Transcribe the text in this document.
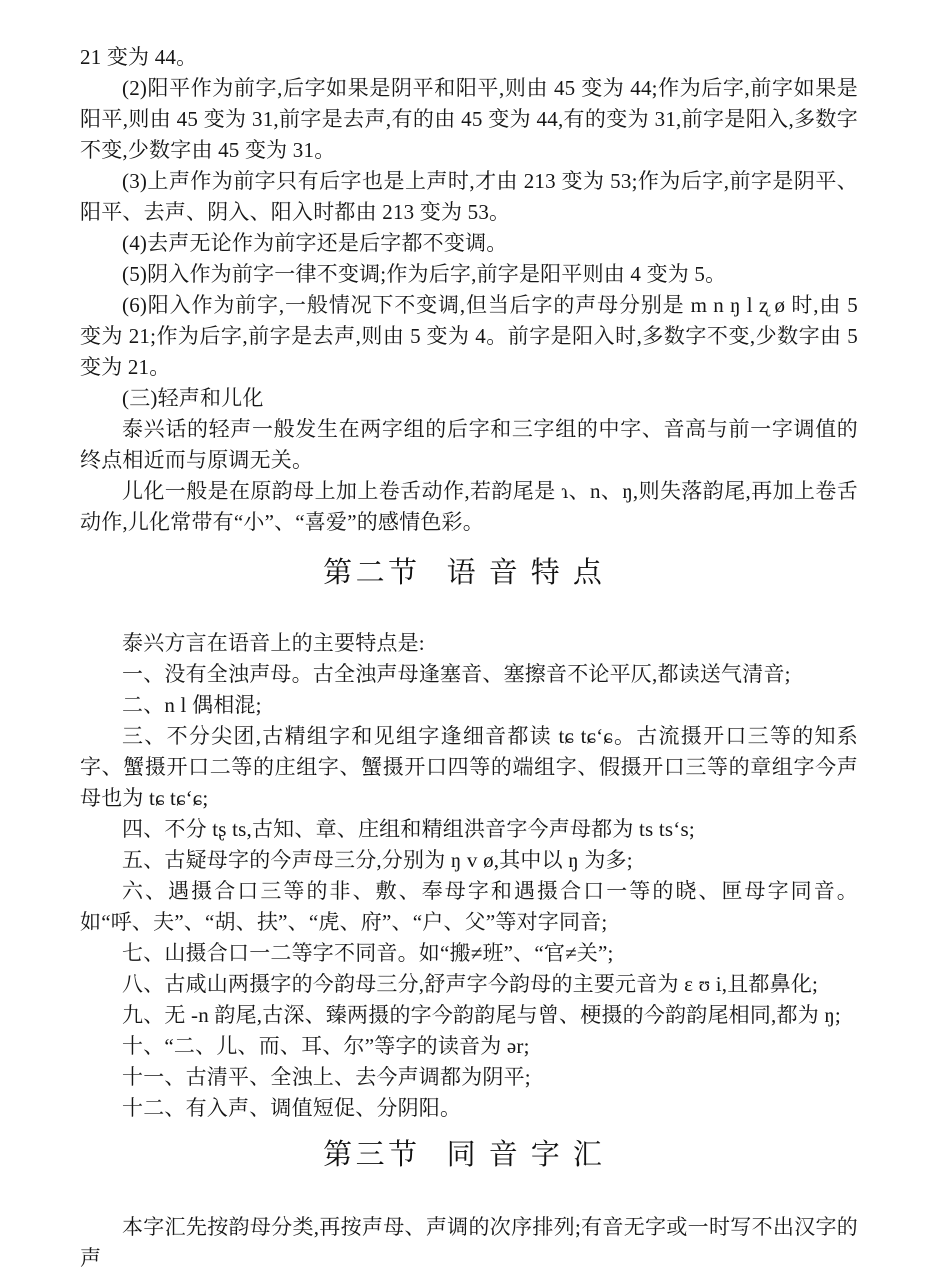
21 变为 44。

(2)阳平作为前字,后字如果是阴平和阳平,则由 45 变为 44;作为后字,前字如果是阳平,则由 45 变为 31,前字是去声,有的由 45 变为 44,有的变为 31,前字是阳入,多数字不变,少数字由 45 变为 31。

(3)上声作为前字只有后字也是上声时,才由 213 变为 53;作为后字,前字是阴平、阳平、去声、阴入、阳入时都由 213 变为 53。

(4)去声无论作为前字还是后字都不变调。

(5)阴入作为前字一律不变调;作为后字,前字是阳平则由 4 变为 5。

(6)阳入作为前字,一般情况下不变调,但当后字的声母分别是 m n ŋ l ʐ ø 时,由 5 变为 21;作为后字,前字是去声,则由 5 变为 4。前字是阳入时,多数字不变,少数字由 5 变为 21。

(三)轻声和儿化

泰兴话的轻声一般发生在两字组的后字和三字组的中字、音高与前一字调值的终点相近而与原调无关。

儿化一般是在原韵母上加上卷舌动作,若韵尾是 ɿ、n、ŋ,则失落韵尾,再加上卷舌动作,儿化常带有“小”、“喜爱”的感情色彩。

第二节 语音特点

泰兴方言在语音上的主要特点是:

一、没有全浊声母。古全浊声母逢塞音、塞擦音不论平仄,都读送气清音;

二、n l 偶相混;

三、不分尖团,古精组字和见组字逢细音都读 tɕ tɕ‘ɕ。古流摄开口三等的知系字、蟹摄开口二等的庄组字、蟹摄开口四等的端组字、假摄开口三等的章组字今声母也为 tɕ tɕ‘ɕ;

四、不分 tʂ ts,古知、章、庄组和精组洪音字今声母都为 ts ts‘s;

五、古疑母字的今声母三分,分别为 ŋ v ø,其中以 ŋ 为多;

六、遇摄合口三等的非、敷、奉母字和遇摄合口一等的晓、匣母字同音。如“呼、夫”、“胡、扶”、“虎、府”、“户、父”等对字同音;

七、山摄合口一二等字不同音。如“搬≠班”、“官≠关”;

八、古咸山两摄字的今韵母三分,舒声字今韵母的主要元音为 ɛ ʊ i,且都鼻化;

九、无 -n 韵尾,古深、臻两摄的字今韵韵尾与曾、梗摄的今韵韵尾相同,都为 ŋ;

十、“二、儿、而、耳、尔”等字的读音为 ər;

十一、古清平、全浊上、去今声调都为阴平;

十二、有入声、调值短促、分阴阳。

第三节 同音字汇

本字汇先按韵母分类,再按声母、声调的次序排列;有音无字或一时写不出汉字的声
